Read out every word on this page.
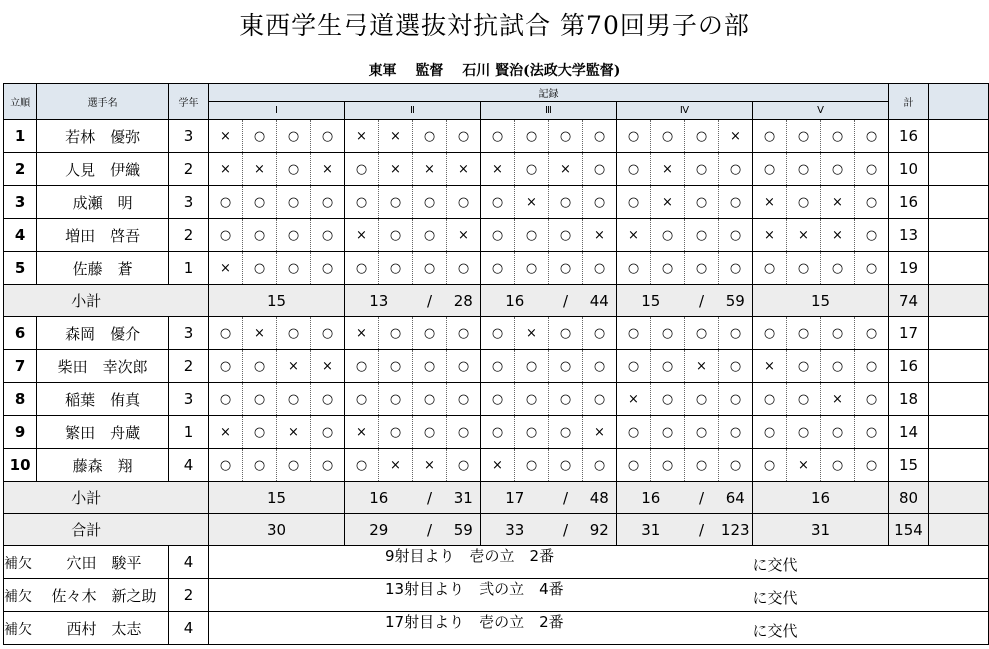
東西学生弓道選抜対抗試合 第70回男子の部
東軍 監督 石川 賢治(法政大学監督)
立順	選手名	学年	記録																				計	
			Ⅰ				Ⅱ				Ⅲ				Ⅳ				Ⅴ					
1	若林　優弥	3	×	○	○	○	×	×	○	○	○	○	○	○	○	○	○	×	○	○	○	○	16	
2	人見　伊織	2	×	×	○	×	○	×	×	×	×	○	×	○	○	×	○	○	○	○	○	○	10	
3	成瀬　明	3	○	○	○	○	○	○	○	○	○	×	○	○	○	×	○	○	×	○	×	○	16	
4	増田　啓吾	2	○	○	○	○	×	○	○	×	○	○	○	×	×	○	○	○	×	×	×	○	13	
5	佐藤　蒼	1	×	○	○	○	○	○	○	○	○	○	○	○	○	○	○	○	○	○	○	○	19	
小計			15				13		/	28	16		/	44	15		/	59	15				74	
6	森岡　優介	3	○	×	○	○	×	○	○	○	○	×	○	○	○	○	○	○	○	○	○	○	17	
7	柴田　幸次郎	2	○	○	×	×	○	○	○	○	○	○	○	○	○	○	×	○	×	○	○	○	16	
8	稲葉　侑真	3	○	○	○	○	○	○	○	○	○	○	○	○	×	○	○	○	○	○	×	○	18	
9	繁田　舟蔵	1	×	○	×	○	×	○	○	○	○	○	○	×	○	○	○	○	○	○	○	○	14	
10	藤森　翔	4	○	○	○	○	○	×	×	○	×	○	○	○	○	○	○	○	○	×	○	○	15	
小計			15				16		/	31	17		/	48	16		/	64	16				80	
合計			30				29		/	59	33		/	92	31		/	123	31				154	
補欠 穴田　駿平		4	9射目より　壱の立　2番																に交代					
補欠 佐々木　新之助		2	13射目より　弐の立　4番																に交代					
補欠 西村　太志		4	17射目より　壱の立　2番																に交代					
